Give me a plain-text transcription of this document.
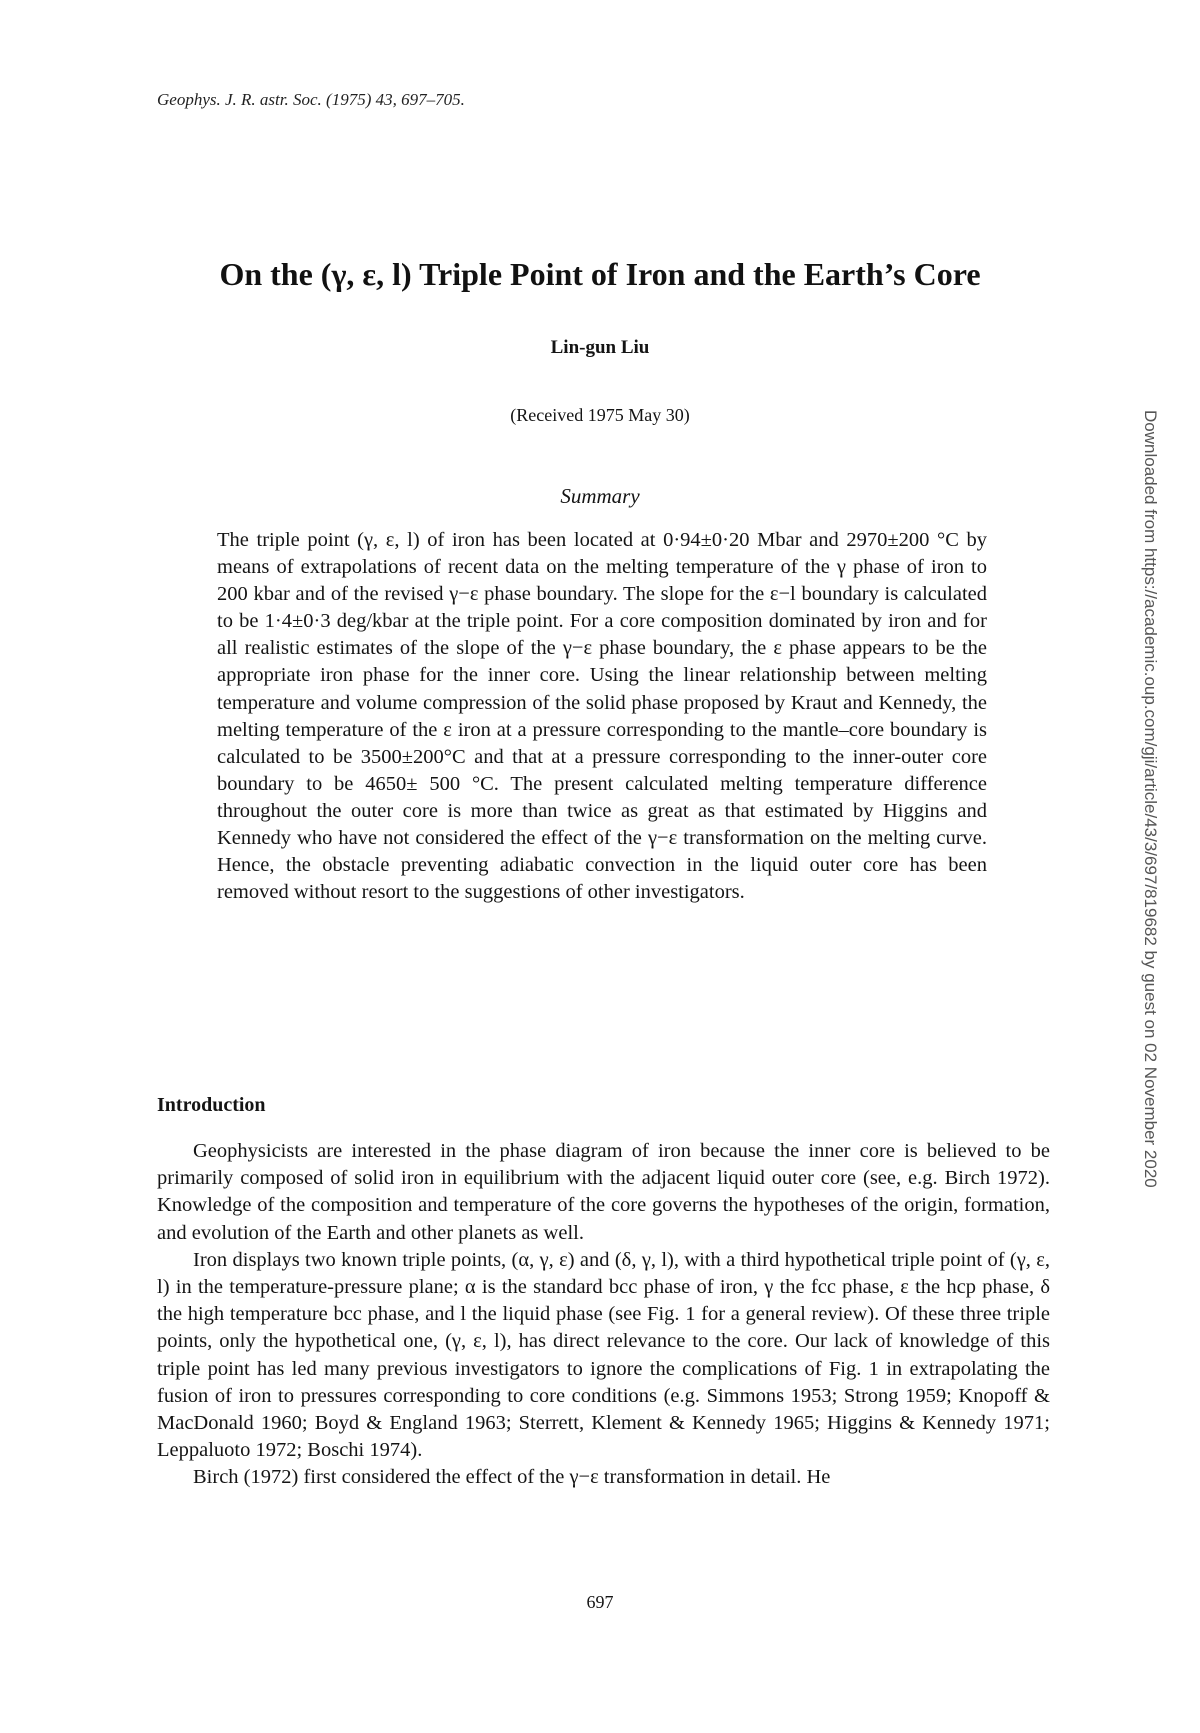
Geophys. J. R. astr. Soc. (1975) 43, 697–705.
On the (γ, ε, l) Triple Point of Iron and the Earth’s Core
Lin-gun Liu
(Received 1975 May 30)
Summary

The triple point (γ, ε, l) of iron has been located at 0·94±0·20 Mbar and 2970±200 °C by means of extrapolations of recent data on the melting temperature of the γ phase of iron to 200 kbar and of the revised γ−ε phase boundary. The slope for the ε−l boundary is calculated to be 1·4±0·3 deg/kbar at the triple point. For a core composition dominated by iron and for all realistic estimates of the slope of the γ−ε phase boundary, the ε phase appears to be the appropriate iron phase for the inner core. Using the linear relationship between melting temperature and volume compression of the solid phase proposed by Kraut and Kennedy, the melting temperature of the ε iron at a pressure corresponding to the mantle–core boundary is calculated to be 3500±200°C and that at a pressure corresponding to the inner-outer core boundary to be 4650± 500 °C. The present calculated melting temperature difference throughout the outer core is more than twice as great as that estimated by Higgins and Kennedy who have not considered the effect of the γ−ε transformation on the melting curve. Hence, the obstacle preventing adiabatic convection in the liquid outer core has been removed without resort to the suggestions of other investigators.

Introduction

Geophysicists are interested in the phase diagram of iron because the inner core is believed to be primarily composed of solid iron in equilibrium with the adjacent liquid outer core (see, e.g. Birch 1972). Knowledge of the composition and temperature of the core governs the hypotheses of the origin, formation, and evolution of the Earth and other planets as well.

Iron displays two known triple points, (α, γ, ε) and (δ, γ, l), with a third hypothetical triple point of (γ, ε, l) in the temperature-pressure plane; α is the standard bcc phase of iron, γ the fcc phase, ε the hcp phase, δ the high temperature bcc phase, and l the liquid phase (see Fig. 1 for a general review). Of these three triple points, only the hypothetical one, (γ, ε, l), has direct relevance to the core. Our lack of knowledge of this triple point has led many previous investigators to ignore the complications of Fig. 1 in extrapolating the fusion of iron to pressures corresponding to core conditions (e.g. Simmons 1953; Strong 1959; Knopoff & MacDonald 1960; Boyd & England 1963; Sterrett, Klement & Kennedy 1965; Higgins & Kennedy 1971; Leppaluoto 1972; Boschi 1974).

Birch (1972) first considered the effect of the γ−ε transformation in detail. He

697
Downloaded from https://academic.oup.com/gji/article/43/3/697/819682 by guest on 02 November 2020
